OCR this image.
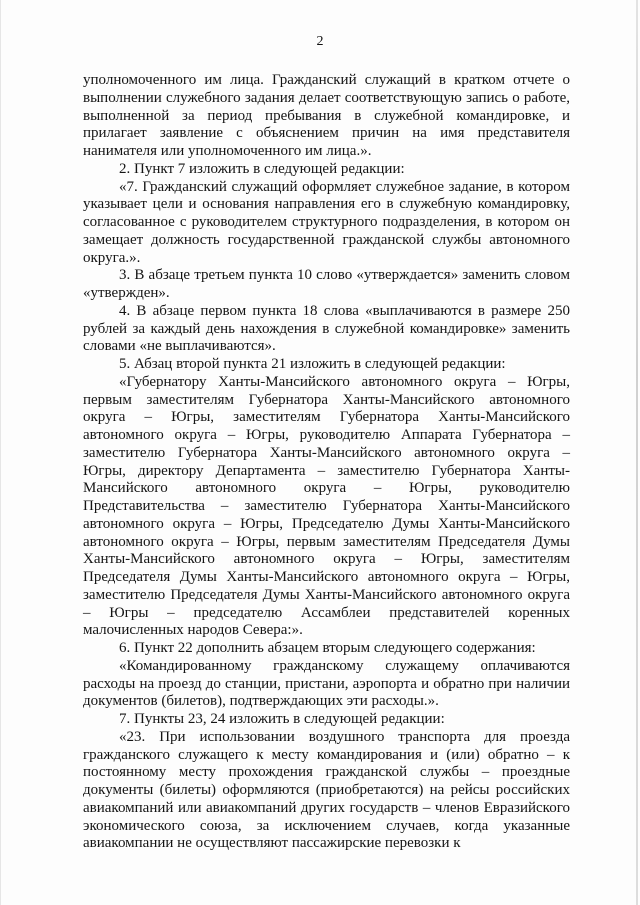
2

уполномоченного им лица. Гражданский служащий в кратком отчете о выполнении служебного задания делает соответствующую запись о работе, выполненной за период пребывания в служебной командировке, и прилагает заявление с объяснением причин на имя представителя нанимателя или уполномоченного им лица.».

2. Пункт 7 изложить в следующей редакции:

«7. Гражданский служащий оформляет служебное задание, в котором указывает цели и основания направления его в служебную командировку, согласованное с руководителем структурного подразделения, в котором он замещает должность государственной гражданской службы автономного округа.».

3. В абзаце третьем пункта 10 слово «утверждается» заменить словом «утвержден».

4. В абзаце первом пункта 18 слова «выплачиваются в размере 250 рублей за каждый день нахождения в служебной командировке» заменить словами «не выплачиваются».

5. Абзац второй пункта 21 изложить в следующей редакции:

«Губернатору Ханты-Мансийского автономного округа – Югры, первым заместителям Губернатора Ханты-Мансийского автономного округа – Югры, заместителям Губернатора Ханты-Мансийского автономного округа – Югры, руководителю Аппарата Губернатора – заместителю Губернатора Ханты-Мансийского автономного округа – Югры, директору Департамента – заместителю Губернатора Ханты-Мансийского автономного округа – Югры, руководителю Представительства – заместителю Губернатора Ханты-Мансийского автономного округа – Югры, Председателю Думы Ханты-Мансийского автономного округа – Югры, первым заместителям Председателя Думы Ханты-Мансийского автономного округа – Югры, заместителям Председателя Думы Ханты-Мансийского автономного округа – Югры, заместителю Председателя Думы Ханты-Мансийского автономного округа – Югры – председателю Ассамблеи представителей коренных малочисленных народов Севера:».

6. Пункт 22 дополнить абзацем вторым следующего содержания:

«Командированному гражданскому служащему оплачиваются расходы на проезд до станции, пристани, аэропорта и обратно при наличии документов (билетов), подтверждающих эти расходы.».

7. Пункты 23, 24 изложить в следующей редакции:

«23. При использовании воздушного транспорта для проезда гражданского служащего к месту командирования и (или) обратно – к постоянному месту прохождения гражданской службы – проездные документы (билеты) оформляются (приобретаются) на рейсы российских авиакомпаний или авиакомпаний других государств – членов Евразийского экономического союза, за исключением случаев, когда указанные авиакомпании не осуществляют пассажирские перевозки к
